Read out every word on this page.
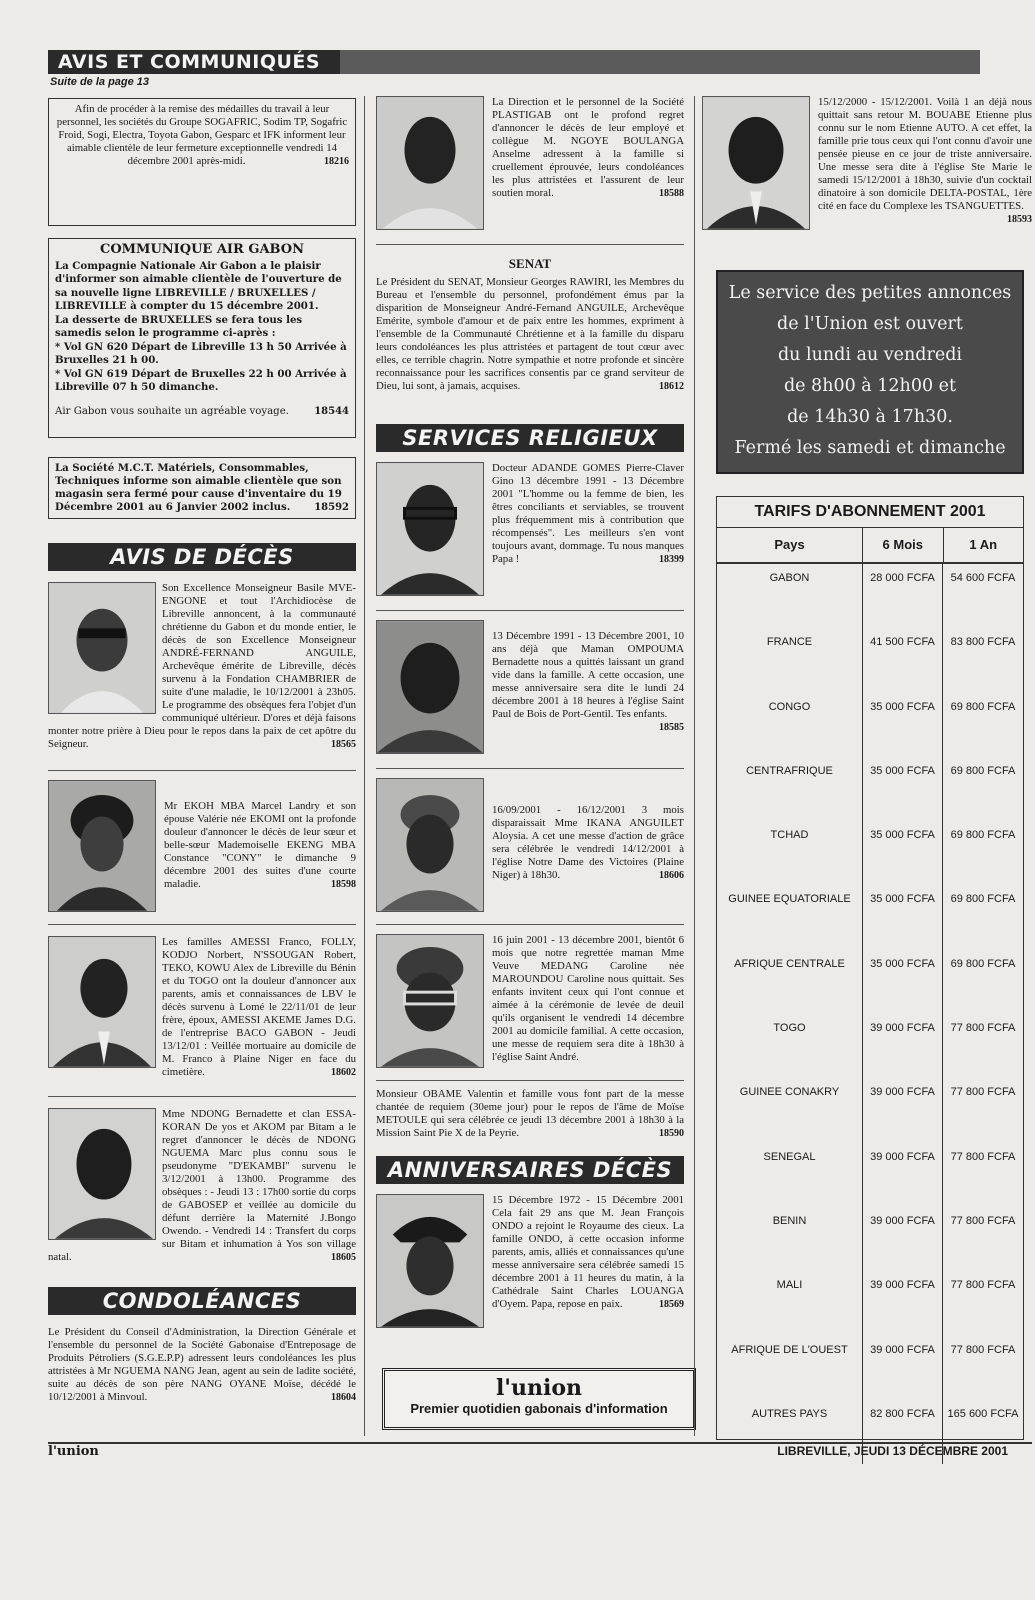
AVIS ET COMMUNIQUÉS
Suite de la page 13
Afin de procéder à la remise des médailles du travail à leur personnel, les sociétés du Groupe SOGAFRIC, Sodim TP, Sogafric Froid, Sogi, Electra, Toyota Gabon, Gesparc et IFK informent leur aimable clientèle de leur fermeture exceptionnelle vendredi 14 décembre 2001 après-midi.	18216
COMMUNIQUE AIR GABON
La Compagnie Nationale Air Gabon a le plaisir d'informer son aimable clientèle de l'ouverture de sa nouvelle ligne LIBREVILLE / BRUXELLES / LIBREVILLE à compter du 15 décembre 2001.
La desserte de BRUXELLES se fera tous les samedis selon le programme ci-après :
* Vol GN 620 Départ de Libreville 13 h 50 Arrivée à Bruxelles 21 h 00.
* Vol GN 619 Départ de Bruxelles 22 h 00 Arrivée à Libreville 07 h 50 dimanche.
Air Gabon vous souhaite un agréable voyage.	18544
La Société M.C.T. Matériels, Consommables, Techniques informe son aimable clientèle que son magasin sera fermé pour cause d'inventaire du 19 Décembre 2001 au 6 Janvier 2002 inclus. 18592
AVIS DE DÉCÈS
Son Excellence Monseigneur Basile MVE-ENGONE et tout l'Archidiocèse de Libreville annoncent, à la communauté chrétienne du Gabon et du monde entier, le décès de son Excellence Monseigneur ANDRÉ-FERNAND ANGUILE, Archevêque émérite de Libreville, décès survenu à la Fondation CHAMBRIER de suite d'une maladie, le 10/12/2001 à 23h05. Le programme des obsèques fera l'objet d'un communiqué ultérieur. D'ores et déjà faisons monter notre prière à Dieu pour le repos dans la paix de cet apôtre du Seigneur.	18565
Mr EKOH MBA Marcel Landry et son épouse Valérie née EKOMI ont la profonde douleur d'annoncer le décès de leur sœur et belle-sœur Mademoiselle EKENG MBA Constance "CONY" le dimanche 9 décembre 2001 des suites d'une courte maladie.	18598
Les familles AMESSI Franco, FOLLY, KODJO Norbert, N'SSOUGAN Robert, TEKO, KOWU Alex de Libreville du Bénin et du TOGO ont la douleur d'annoncer aux parents, amis et connaissances de LBV le décès survenu à Lomé le 22/11/01 de leur frère, époux, AMESSI AKEME James D.G. de l'entreprise BACO GABON - Jeudi 13/12/01 : Veillée mortuaire au domicile de M. Franco à Plaine Niger en face du cimetière.	18602
Mme NDONG Bernadette et clan ESSA-KORAN De yos et AKOM par Bitam a le regret d'annoncer le décès de NDONG NGUEMA Marc plus connu sous le pseudonyme "D'EKAMBI" survenu le 3/12/2001 à 13h00. Programme des obsèques : - Jeudi 13 : 17h00 sortie du corps de GABOSEP et veillée au domicile du défunt derrière la Maternité J.Bongo Owendo. - Vendredi 14 : Transfert du corps sur Bitam et inhumation à Yos son village natal.	18605
CONDOLÉANCES
Le Président du Conseil d'Administration, la Direction Générale et l'ensemble du personnel de la Société Gabonaise d'Entreposage de Produits Pétroliers (S.G.E.P.P) adressent leurs condoléances les plus attristées à Mr NGUEMA NANG Jean, agent au sein de ladite société, suite au décès de son père NANG OYANE Moïse, décédé le 10/12/2001 à Minvoul.	18604
La Direction et le personnel de la Société PLASTIGAB ont le profond regret d'annoncer le décès de leur employé et collègue M. NGOYE BOULANGA Anselme adressent à la famille si cruellement éprouvée, leurs condoléances les plus attristées et l'assurent de leur soutien moral.	18588
SENAT
Le Président du SENAT, Monsieur Georges RAWIRI, les Membres du Bureau et l'ensemble du personnel, profondément émus par la disparition de Monseigneur André-Fernand ANGUILE, Archevêque Emérite, symbole d'amour et de paix entre les hommes, expriment à l'ensemble de la Communauté Chrétienne et à la famille du disparu leurs condoléances les plus attristées et partagent de tout cœur avec elles, ce terrible chagrin. Notre sympathie et notre profonde et sincère reconnaissance pour les sacrifices consentis par ce grand serviteur de Dieu, lui sont, à jamais, acquises.	18612
SERVICES RELIGIEUX
Docteur ADANDE GOMES Pierre-Claver Gino 13 décembre 1991 - 13 Décembre 2001 "L'homme ou la femme de bien, les êtres conciliants et serviables, se trouvent plus fréquemment mis à contribution que récompensés". Les meilleurs s'en vont toujours avant, dommage. Tu nous manques Papa !	18399
13 Décembre 1991 - 13 Décembre 2001, 10 ans déjà que Maman OMPOUMA Bernadette nous a quittés laissant un grand vide dans la famille. A cette occasion, une messe anniversaire sera dite le lundi 24 décembre 2001 à 18 heures à l'église Saint Paul de Bois de Port-Gentil. Tes enfants.
18585
16/09/2001 - 16/12/2001 3 mois disparaissait Mme IKANA ANGUILET Aloysia. A cet une messe d'action de grâce sera célébrée le vendredi 14/12/2001 à l'église Notre Dame des Victoires (Plaine Niger) à 18h30.	18606
16 juin 2001 - 13 décembre 2001, bientôt 6 mois que notre regrettée maman Mme Veuve MEDANG Caroline née MAROUNDOU Caroline nous quittait. Ses enfants invitent ceux qui l'ont connue et aimée à la cérémonie de levée de deuil qu'ils organisent le vendredi 14 décembre 2001 au domicile familial. A cette occasion, une messe de requiem sera dite à 18h30 à l'église Saint André.
Monsieur OBAME Valentin et famille vous font part de la messe chantée de requiem (30eme jour) pour le repos de l'âme de Moïse METOULE qui sera célébrée ce jeudi 13 décembre 2001 à 18h30 à la Mission Saint Pie X de la Peyrie.	18590
ANNIVERSAIRES DÉCÈS
15 Décembre 1972 - 15 Décembre 2001 Cela fait 29 ans que M. Jean François ONDO a rejoint le Royaume des cieux. La famille ONDO, à cette occasion informe parents, amis, alliés et connaissances qu'une messe anniversaire sera célébrée samedi 15 décembre 2001 à 11 heures du matin, à la Cathédrale Saint Charles LOUANGA d'Oyem. Papa, repose en paix.	18569
l'union
Premier quotidien gabonais d'information
15/12/2000 - 15/12/2001. Voilà 1 an déjà nous quittait sans retour M. BOUABE Etienne plus connu sur le nom Etienne AUTO. A cet effet, la famille prie tous ceux qui l'ont connu d'avoir une pensée pieuse en ce jour de triste anniversaire. Une messe sera dite à l'église Ste Marie le samedi 15/12/2001 à 18h30, suivie d'un cocktail dinatoire à son domicile DELTA-POSTAL, 1ère cité en face du Complexe les TSANGUETTES.
18593
Le service des petites annonces
de l'Union est ouvert
du lundi au vendredi
de 8h00 à 12h00 et
de 14h30 à 17h30.
Fermé les samedi et dimanche
TARIFS D'ABONNEMENT 2001
Pays	6 Mois	1 An
GABON	28 000 FCFA	54 600 FCFA
FRANCE	41 500 FCFA	83 800 FCFA
CONGO	35 000 FCFA	69 800 FCFA
CENTRAFRIQUE	35 000 FCFA	69 800 FCFA
TCHAD	35 000 FCFA	69 800 FCFA
GUINEE EQUATORIALE	35 000 FCFA	69 800 FCFA
AFRIQUE CENTRALE	35 000 FCFA	69 800 FCFA
TOGO	39 000 FCFA	77 800 FCFA
GUINEE CONAKRY	39 000 FCFA	77 800 FCFA
SENEGAL	39 000 FCFA	77 800 FCFA
BENIN	39 000 FCFA	77 800 FCFA
MALI	39 000 FCFA	77 800 FCFA
AFRIQUE DE L'OUEST	39 000 FCFA	77 800 FCFA
AUTRES PAYS	82 800 FCFA	165 600 FCFA
l'union	LIBREVILLE, JEUDI 13 DÉCEMBRE 2001
